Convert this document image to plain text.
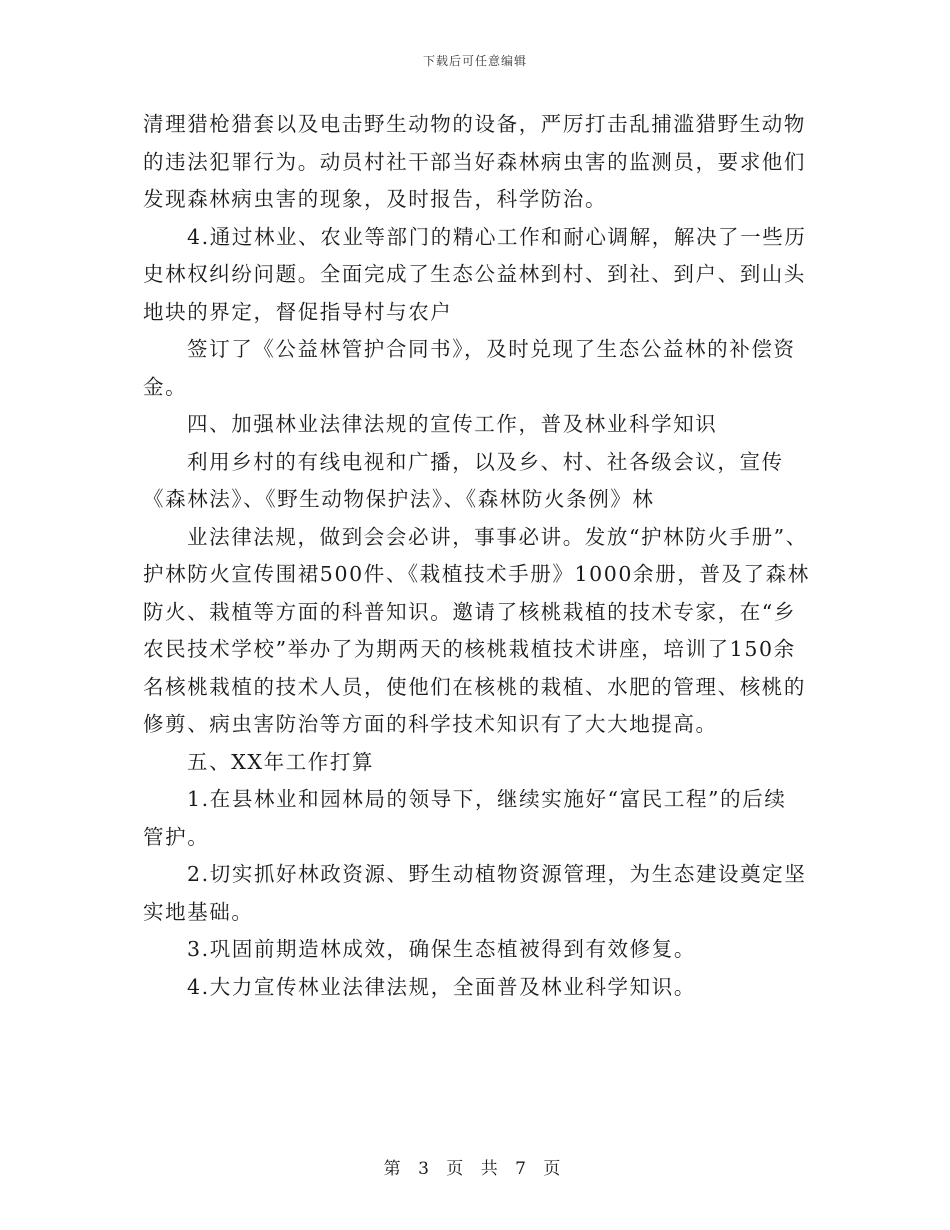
下载后可任意编辑

清理猎枪猎套以及电击野生动物的设备，严厉打击乱捕滥猎野生动物
的违法犯罪行为。动员村社干部当好森林病虫害的监测员，要求他们
发现森林病虫害的现象，及时报告，科学防治。
4.通过林业、农业等部门的精心工作和耐心调解，解决了一些历
史林权纠纷问题。全面完成了生态公益林到村、到社、到户、到山头
地块的界定，督促指导村与农户
签订了《公益林管护合同书》，及时兑现了生态公益林的补偿资
金。
四、加强林业法律法规的宣传工作，普及林业科学知识
利用乡村的有线电视和广播，以及乡、村、社各级会议，宣传
《森林法》、《野生动物保护法》、《森林防火条例》林
业法律法规，做到会会必讲，事事必讲。发放“护林防火手册”、
护林防火宣传围裙500件、《栽植技术手册》1000余册，普及了森林
防火、栽植等方面的科普知识。邀请了核桃栽植的技术专家，在“乡
农民技术学校”举办了为期两天的核桃栽植技术讲座，培训了150余
名核桃栽植的技术人员，使他们在核桃的栽植、水肥的管理、核桃的
修剪、病虫害防治等方面的科学技术知识有了大大地提高。
五、XX年工作打算
1.在县林业和园林局的领导下，继续实施好“富民工程”的后续
管护。
2.切实抓好林政资源、野生动植物资源管理，为生态建设奠定坚
实地基础。
3.巩固前期造林成效，确保生态植被得到有效修复。
4.大力宣传林业法律法规，全面普及林业科学知识。

第 3 页 共 7 页
